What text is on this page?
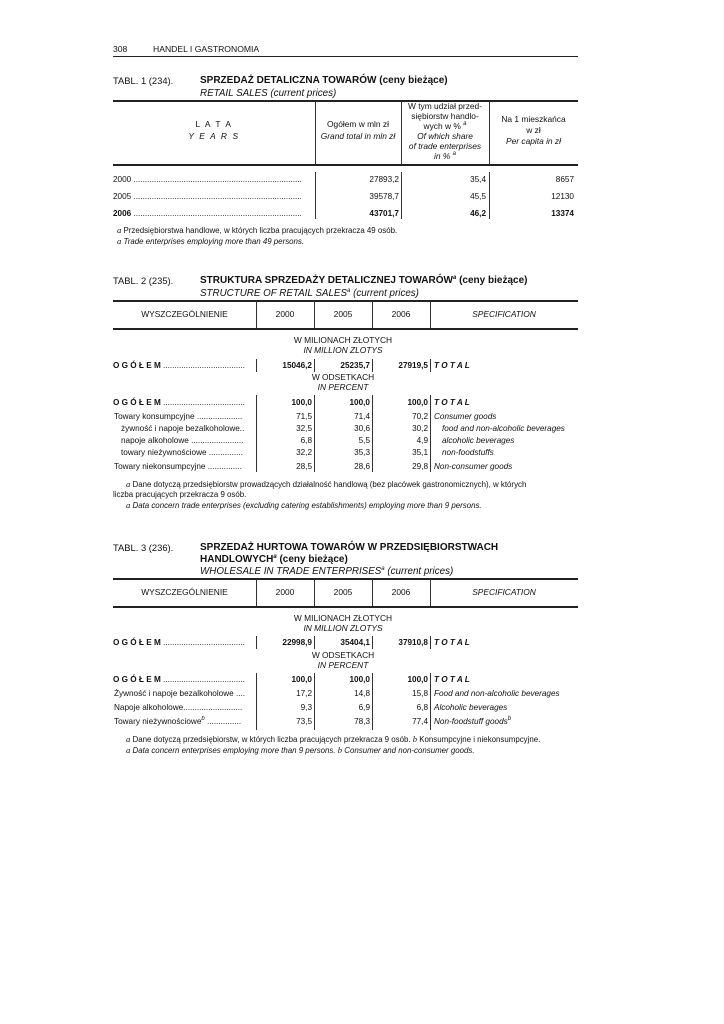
308	HANDEL I GASTRONOMIA
TABL. 1 (234).	SPRZEDAŻ DETALICZNA TOWARÓW (ceny bieżące)
RETAIL SALES (current prices)
L A T A
Y E A R S
Ogółem w mln zł
Grand total in mln zł
W tym udział przed-
siębiorstw handlo-
wych w % $^a$
Of which share
of trade enterprises
in % $^a$
Na 1 mieszkańca
w zł
Per capita in zł
2000 ..........................................................................	27893,2	35,4	8657
2005 ..........................................................................	39578,7	45,5	12130
2006 ..........................................................................	43701,7	46,2	13374
a Przedsiębiorstwa handlowe, w których liczba pracujących przekracza 49 osób.
a Trade enterprises employing more than 49 persons.
TABL. 2 (235).	STRUKTURA SPRZEDAŻY DETALICZNEJ TOWARÓW$^a$ (ceny bieżące)
STRUCTURE OF RETAIL SALES$^a$ (current prices)
WYSZCZEGÓLNIENIE	2000	2005	2006	SPECIFICATION
W MILIONACH ZŁOTYCH
IN MILLION ZLOTYS
O G Ó Ł E M ....................................	15046,2	25235,7	27919,5 T O T A L
W ODSETKACH
IN PERCENT
O G Ó Ł E M ....................................	100,0	100,0	100,0 T O T A L
Towary konsumpcyjne ....................	71,5	71,4	70,2 Consumer goods
żywność i napoje bezalkoholowe..	32,5	30,6	30,2 food and non-alcoholic beverages
napoje alkoholowe .......................	6,8	5,5	4,9 alcoholic beverages
towary nieżywnościowe ...............	32,2	35,3	35,1 non-foodstuffs
Towary niekonsumpcyjne ...............	28,5	28,6	29,8 Non-consumer goods
a Dane dotyczą przedsiębiorstw prowadzących działalność handlową (bez placówek gastronomicznych), w których
liczba pracujących przekracza 9 osób.
a Data concern trade enterprises (excluding catering establishments) employing more than 9 persons.
TABL. 3 (236).	SPRZEDAŻ HURTOWA TOWARÓW W PRZEDSIĘBIORSTWACH
HANDLOWYCH$^a$ (ceny bieżące)
WHOLESALE IN TRADE ENTERPRISES$^a$ (current prices)
WYSZCZEGÓLNIENIE	2000	2005	2006	SPECIFICATION
W MILIONACH ZŁOTYCH
IN MILLION ZLOTYS
O G Ó Ł E M ....................................	22998,9	35404,1	37910,8 T O T A L
W ODSETKACH
IN PERCENT
O G Ó Ł E M ....................................	100,0	100,0	100,0 T O T A L
Żywność i napoje bezalkoholowe ....	17,2	14,8	15,8 Food and non-alcoholic beverages
Napoje alkoholowe..........................	9,3	6,9	6,8 Alcoholic beverages
Towary nieżywnościowe$^b$ ...............	73,5	78,3	77,4 Non-foodstuff goods$^b$
a Dane dotyczą przedsiębiorstw, w których liczba pracujących przekracza 9 osób. b Konsumpcyjne i niekonsumpcyjne.
a Data concern enterprises employing more than 9 persons. b Consumer and non-consumer goods.
